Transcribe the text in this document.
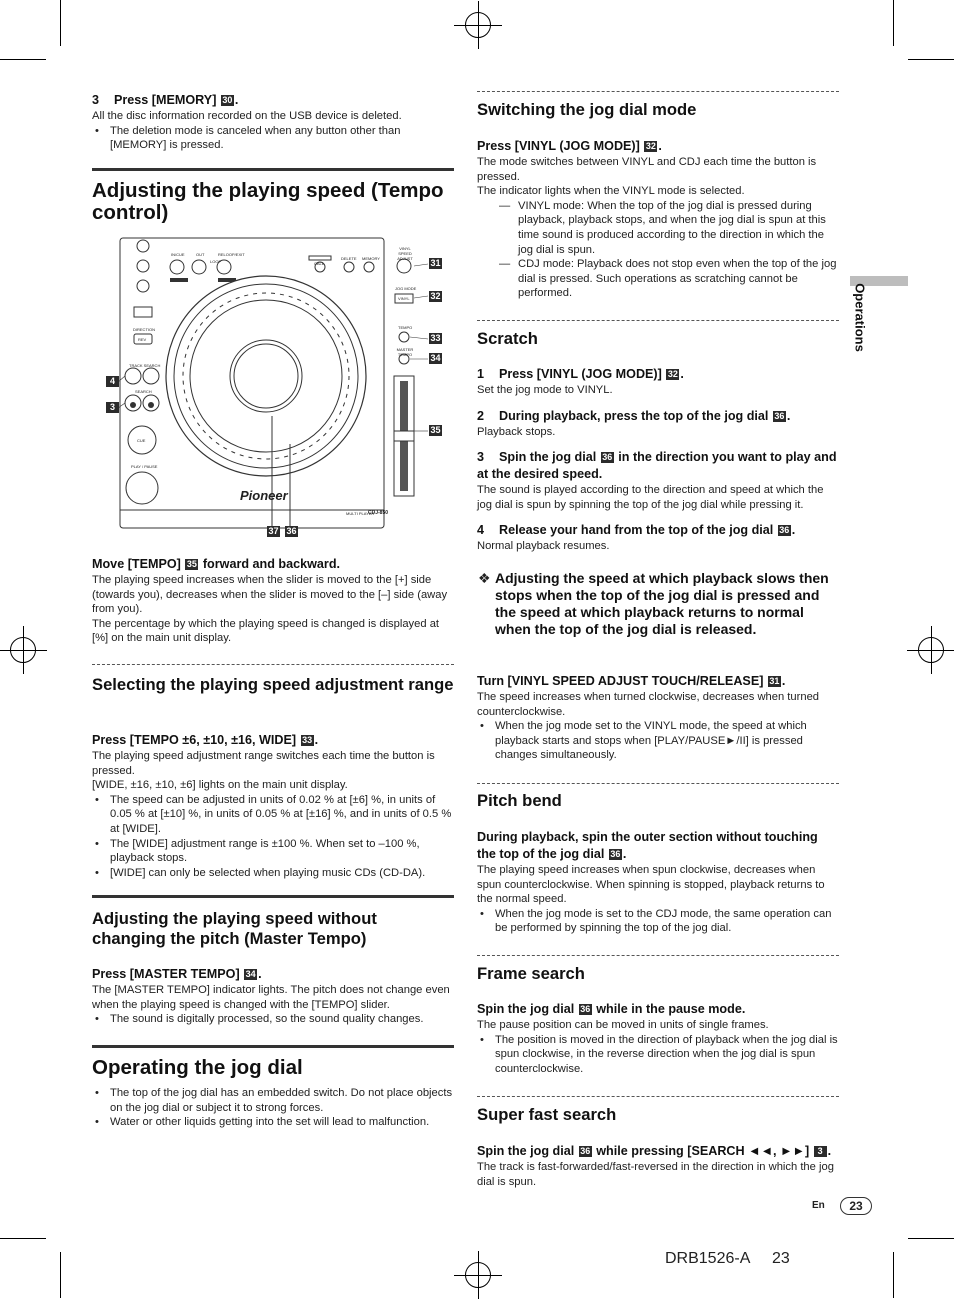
3 Press [MEMORY] 30 .

All the disc information recorded on the USB device is deleted.

• The deletion mode is canceled when any button other than [MEMORY] is pressed.

Adjusting the playing speed (Tempo control)
IN/CUE	OUT	RELOOP/EXIT
LOOP	CALL
DELETE MEMORY
VINYL SPEED ADJUST
JOG MODE
VINYL
TEMPO
MASTER TEMPO
DIRECTION
REV
TRACK SEARCH
SEARCH
CUE
PLAY / PAUSE
Pioneer
MULTI PLAYER
CDJ-850
31
32
33
34
35
4
3
37 36

Move [TEMPO] 35 forward and backward.

The playing speed increases when the slider is moved to the [+] side (towards you), decreases when the slider is moved to the [–] side (away from you).

The percentage by which the playing speed is changed is displayed at [%] on the main unit display.

Selecting the playing speed adjustment range

Press [TEMPO ±6, ±10, ±16, WIDE] 33 .

The playing speed adjustment range switches each time the button is pressed.

[WIDE, ±16, ±10, ±6] lights on the main unit display.

• The speed can be adjusted in units of 0.02 % at [±6] %, in units of 0.05 % at [±10] %, in units of 0.05 % at [±16] %, and in units of 0.5 % at [WIDE].

• The [WIDE] adjustment range is ±100 %. When set to –100 %, playback stops.

• [WIDE] can only be selected when playing music CDs (CD-DA).

Adjusting the playing speed without changing the pitch (Master Tempo)

Press [MASTER TEMPO] 34 .

The [MASTER TEMPO] indicator lights. The pitch does not change even when the playing speed is changed with the [TEMPO] slider.

• The sound is digitally processed, so the sound quality changes.

Operating the jog dial

• The top of the jog dial has an embedded switch. Do not place objects on the jog dial or subject it to strong forces.

• Water or other liquids getting into the set will lead to malfunction.

Switching the jog dial mode

Press [VINYL (JOG MODE)] 32 .

The mode switches between VINYL and CDJ each time the button is pressed.

The indicator lights when the VINYL mode is selected.

— VINYL mode: When the top of the jog dial is pressed during playback, playback stops, and when the jog dial is spun at this time sound is produced according to the direction in which the jog dial is spun.

— CDJ mode: Playback does not stop even when the top of the jog dial is pressed. Such operations as scratching cannot be performed.

Scratch

1 Press [VINYL (JOG MODE)] 32 .

Set the jog mode to VINYL.

2 During playback, press the top of the jog dial 36 .

Playback stops.

3 Spin the jog dial 36 in the direction you want to play and at the desired speed.

The sound is played according to the direction and speed at which the jog dial is spun by spinning the top of the jog dial while pressing it.

4 Release your hand from the top of the jog dial 36 .

Normal playback resumes.

❖ Adjusting the speed at which playback slows then stops when the top of the jog dial is pressed and the speed at which playback returns to normal when the top of the jog dial is released.

Turn [VINYL SPEED ADJUST TOUCH/RELEASE] 31 .

The speed increases when turned clockwise, decreases when turned counterclockwise.

• When the jog mode set to the VINYL mode, the speed at which playback starts and stops when [PLAY/PAUSE►/II] is pressed changes simultaneously.

Pitch bend

During playback, spin the outer section without touching the top of the jog dial 36 .

The playing speed increases when spun clockwise, decreases when spun counterclockwise. When spinning is stopped, playback returns to the normal speed.

• When the jog mode is set to the CDJ mode, the same operation can be performed by spinning the top of the jog dial.

Frame search

Spin the jog dial 36 while in the pause mode.

The pause position can be moved in units of single frames.

• The position is moved in the direction of playback when the jog dial is spun clockwise, in the reverse direction when the jog dial is spun counterclockwise.

Super fast search

Spin the jog dial 36 while pressing [SEARCH ◄◄, ►►] 3 .

The track is fast-forwarded/fast-reversed in the direction in which the jog dial is spun.

Operations
En	23
DRB1526-A 23
